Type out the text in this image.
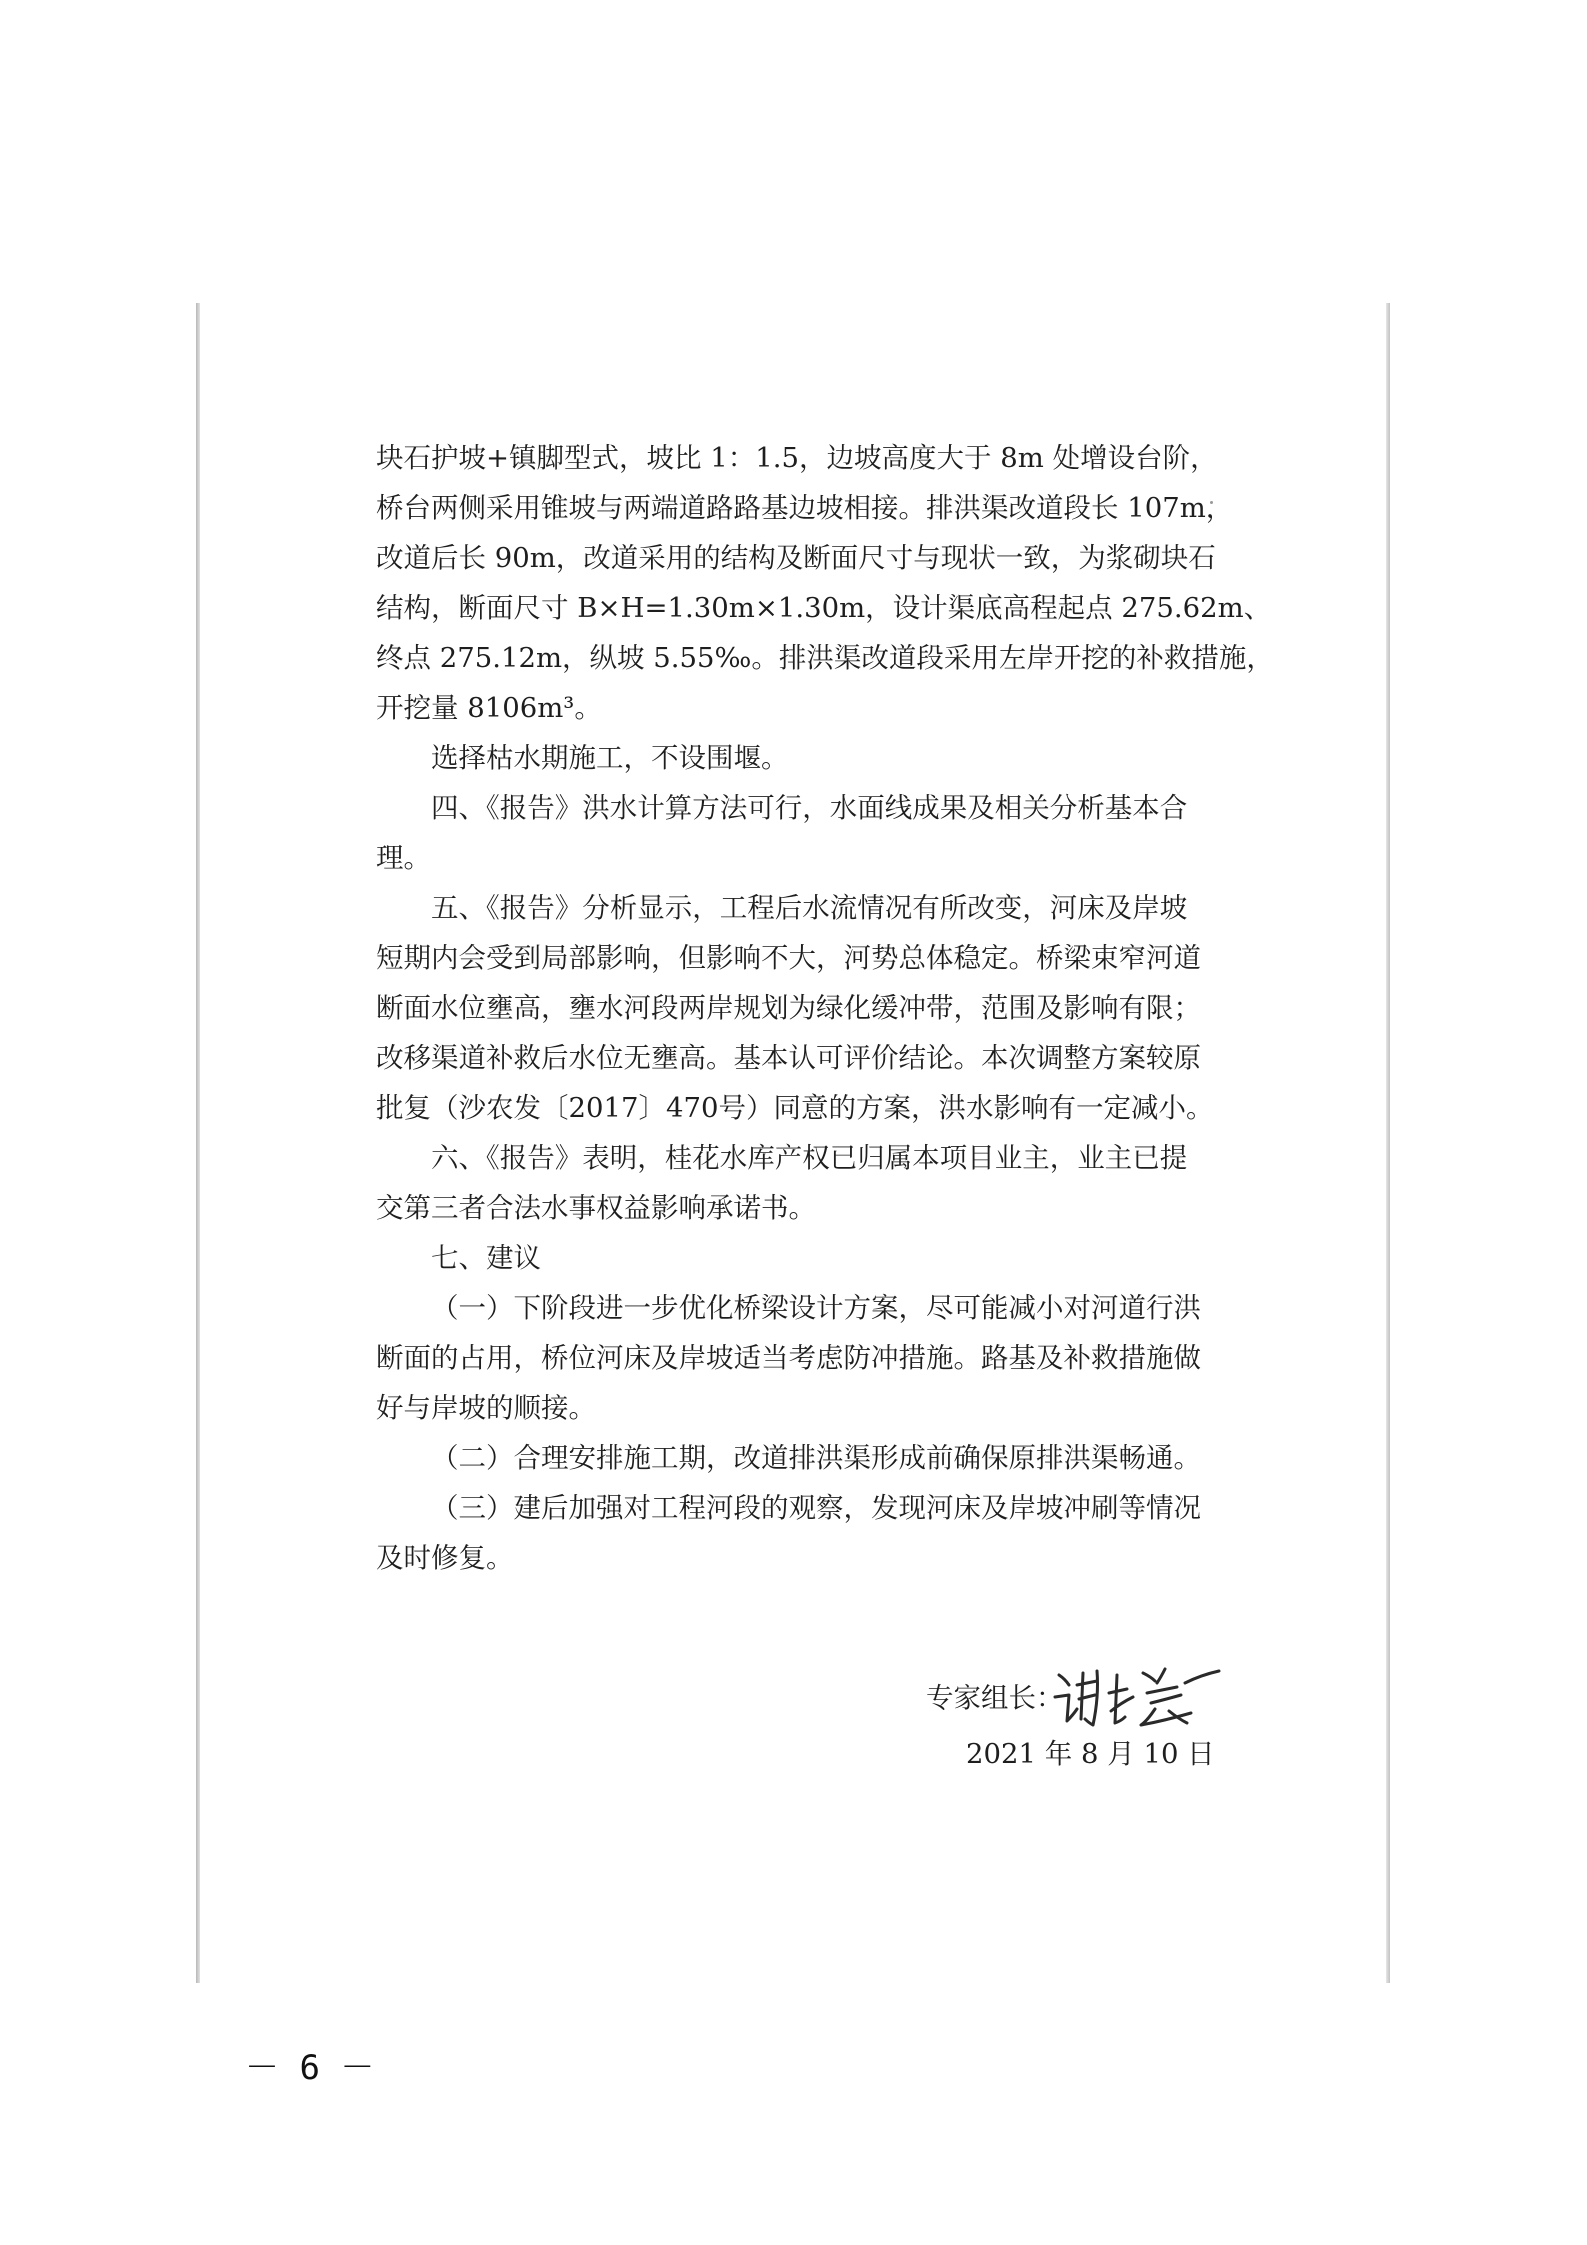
块石护坡+镇脚型式，坡比 1：1.5，边坡高度大于 8m 处增设台阶，
桥台两侧采用锥坡与两端道路路基边坡相接。排洪渠改道段长 107m，
改道后长 90m，改道采用的结构及断面尺寸与现状一致，为浆砌块石
结构，断面尺寸 B×H=1.30m×1.30m，设计渠底高程起点 275.62m、
终点 275.12m，纵坡 5.55‰。排洪渠改道段采用左岸开挖的补救措施，
开挖量 8106m³。
选择枯水期施工，不设围堰。
四、《报告》洪水计算方法可行，水面线成果及相关分析基本合
理。
五、《报告》分析显示，工程后水流情况有所改变，河床及岸坡
短期内会受到局部影响，但影响不大，河势总体稳定。桥梁束窄河道
断面水位壅高，壅水河段两岸规划为绿化缓冲带，范围及影响有限；
改移渠道补救后水位无壅高。基本认可评价结论。本次调整方案较原
批复（沙农发〔2017〕470号）同意的方案，洪水影响有一定减小。
六、《报告》表明，桂花水库产权已归属本项目业主，业主已提
交第三者合法水事权益影响承诺书。
七、建议
（一）下阶段进一步优化桥梁设计方案，尽可能减小对河道行洪
断面的占用，桥位河床及岸坡适当考虑防冲措施。路基及补救措施做
好与岸坡的顺接。
（二）合理安排施工期，改道排洪渠形成前确保原排洪渠畅通。
（三）建后加强对工程河段的观察，发现河床及岸坡冲刷等情况
及时修复。
专家组长：
谢艺
2021 年 8 月 10 日
－ 6 －
